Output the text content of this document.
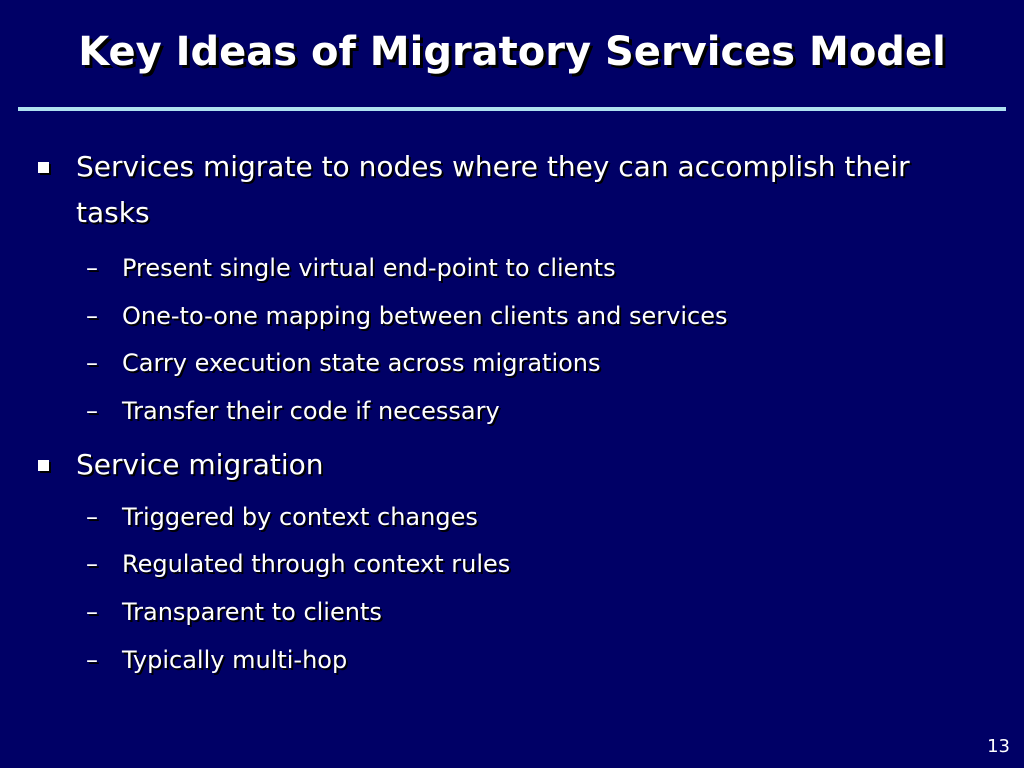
Key Ideas of Migratory Services Model
Services migrate to nodes where they can accomplish their tasks
– Present single virtual end-point to clients
– One-to-one mapping between clients and services
– Carry execution state across migrations
– Transfer their code if necessary
Service migration
– Triggered by context changes
– Regulated through context rules
– Transparent to clients
– Typically multi-hop
13
